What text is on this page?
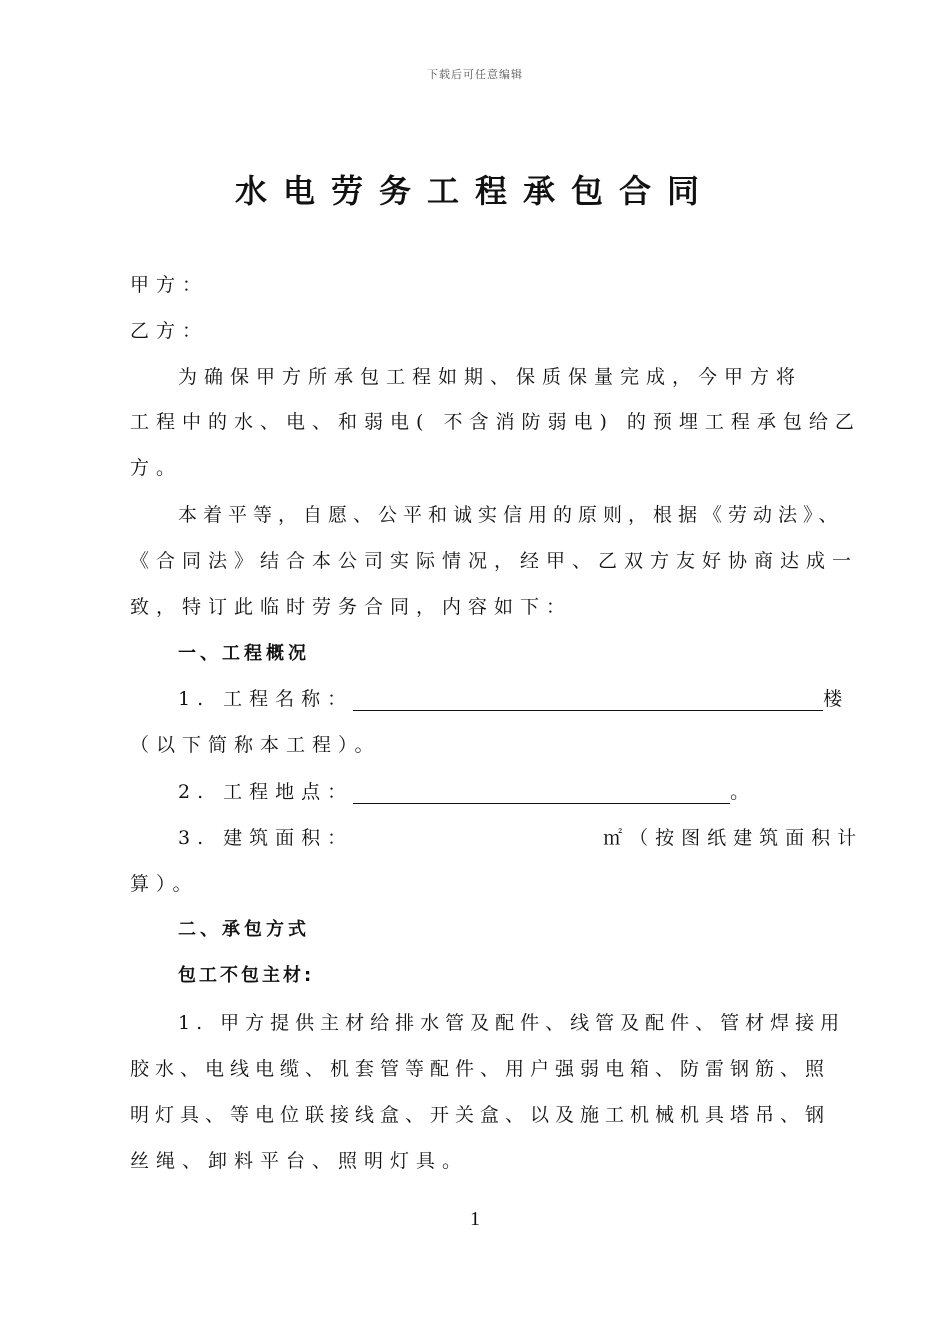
下载后可任意编辑
水电劳务工程承包合同
甲方：
乙方：
为确保甲方所承包工程如期、保质保量完成，今甲方将
工程中的水、电、和弱电( 不含消防弱电) 的预埋工程承包给乙
方。
本着平等，自愿、公平和诚实信用的原则，根据《劳动法》、
《合同法》结合本公司实际情况，经甲、乙双方友好协商达成一
致，特订此临时劳务合同，内容如下：
一、工程概况
1. 工程名称：	楼
（以下简称本工程）。
2. 工程地点：	。
3. 建筑面积：	㎡（按图纸建筑面积计
算）。
二、承包方式
包工不包主材:
1. 甲方提供主材给排水管及配件、线管及配件、管材焊接用
胶水、电线电缆、机套管等配件、用户强弱电箱、防雷钢筋、照
明灯具、等电位联接线盒、开关盒、以及施工机械机具塔吊、钢
丝绳、卸料平台、照明灯具。
1
